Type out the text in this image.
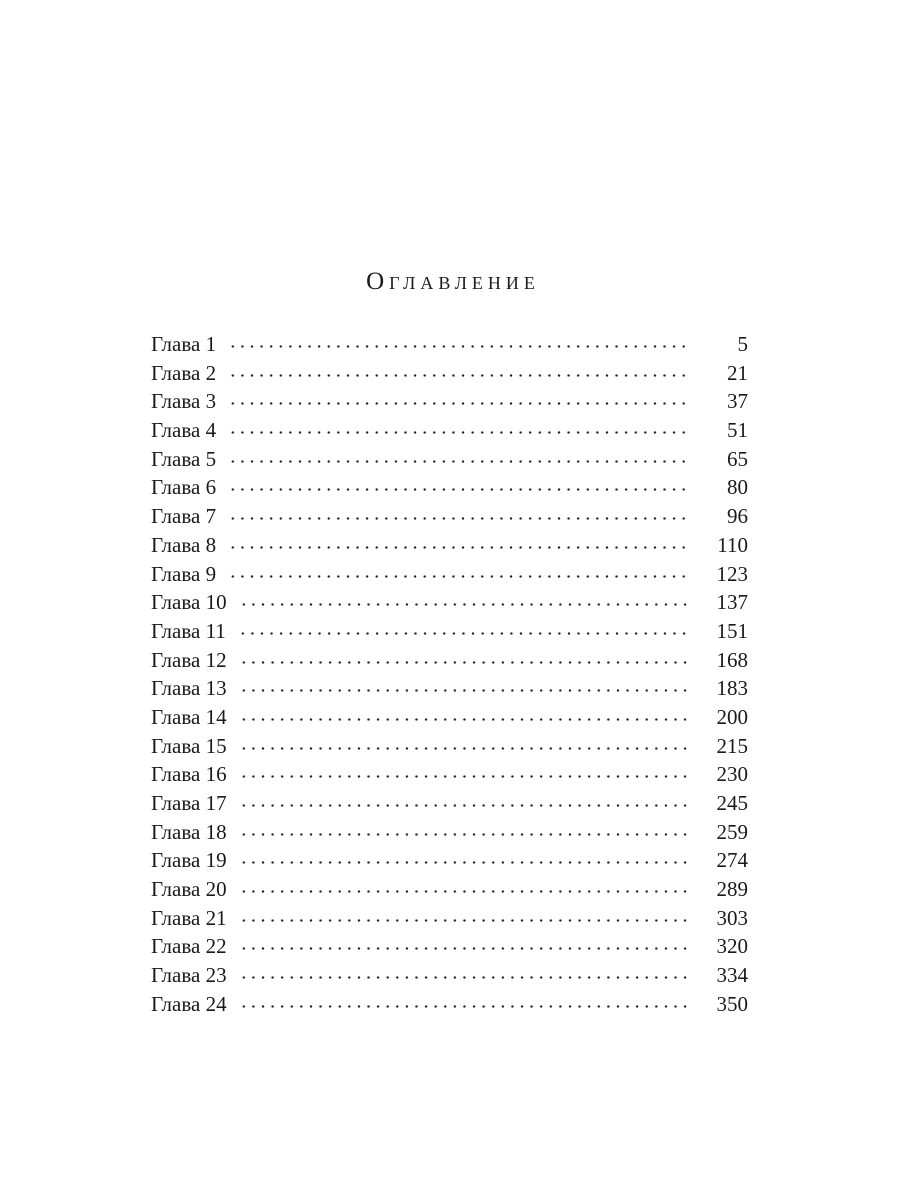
Оглавление
Глава 1	5
Глава 2	21
Глава 3	37
Глава 4	51
Глава 5	65
Глава 6	80
Глава 7	96
Глава 8	110
Глава 9	123
Глава 10	137
Глава 11	151
Глава 12	168
Глава 13	183
Глава 14	200
Глава 15	215
Глава 16	230
Глава 17	245
Глава 18	259
Глава 19	274
Глава 20	289
Глава 21	303
Глава 22	320
Глава 23	334
Глава 24	350
